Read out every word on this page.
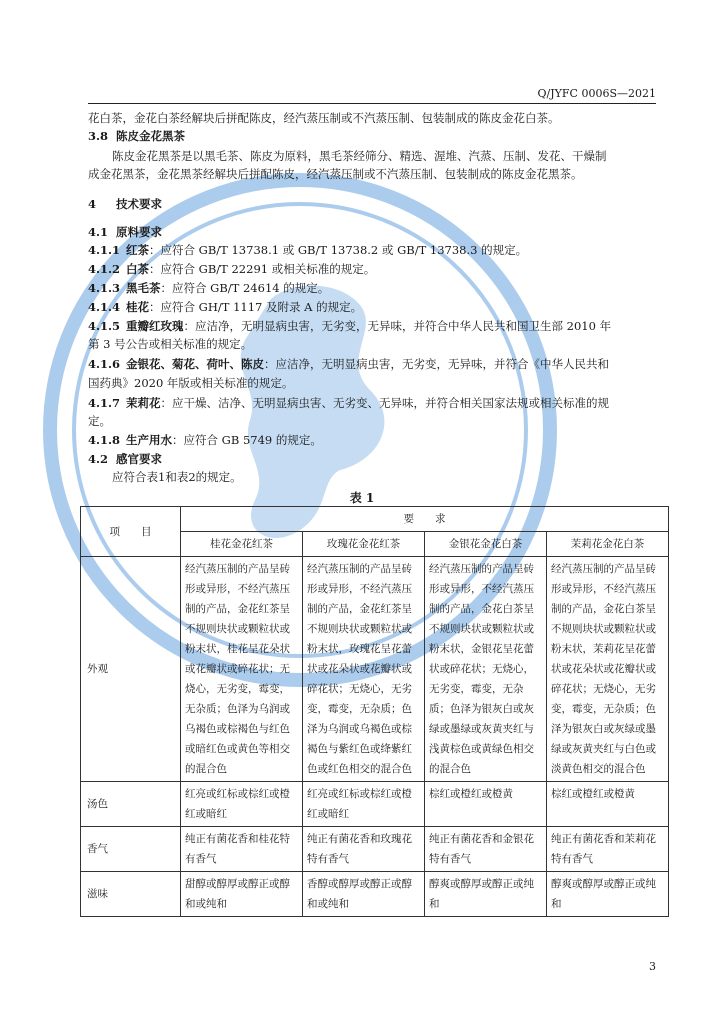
Q/JYFC 0006S—2021
花白茶，金花白茶经解块后拼配陈皮，经汽蒸压制或不汽蒸压制、包装制成的陈皮金花白茶。
3.8 陈皮金花黑茶
陈皮金花黑茶是以黑毛茶、陈皮为原料，黑毛茶经筛分、精选、渥堆、汽蒸、压制、发花、干燥制
成金花黑茶，金花黑茶经解块后拼配陈皮，经汽蒸压制或不汽蒸压制、包装制成的陈皮金花黑茶。
4 技术要求
4.1 原料要求
4.1.1 红茶：应符合 GB/T 13738.1 或 GB/T 13738.2 或 GB/T 13738.3 的规定。
4.1.2 白茶：应符合 GB/T 22291 或相关标准的规定。
4.1.3 黑毛茶：应符合 GB/T 24614 的规定。
4.1.4 桂花：应符合 GH/T 1117 及附录 A 的规定。
4.1.5 重瓣红玫瑰：应洁净，无明显病虫害，无劣变，无异味，并符合中华人民共和国卫生部 2010 年
第 3 号公告或相关标准的规定。
4.1.6 金银花、菊花、荷叶、陈皮：应洁净，无明显病虫害，无劣变，无异味，并符合《中华人民共和
国药典》2020 年版或相关标准的规定。
4.1.7 茉莉花：应干燥、洁净、无明显病虫害、无劣变、无异味，并符合相关国家法规或相关标准的规
定。
4.1.8 生产用水：应符合 GB 5749 的规定。
4.2 感官要求
应符合表1和表2的规定。
表 1
项　　目	要　　求			
	桂花金花红茶	玫瑰花金花红茶	金银花金花白茶	茉莉花金花白茶
外观	经汽蒸压制的产品呈砖形或异形，不经汽蒸压制的产品，金花红茶呈不规则块状或颗粒状或粉末状，桂花呈花朵状或花瓣状或碎花状；无烧心，无劣变，霉变，无杂质；色泽为乌润或乌褐色或棕褐色与红色或暗红色或黄色等相交的混合色	经汽蒸压制的产品呈砖形或异形，不经汽蒸压制的产品，金花红茶呈不规则块状或颗粒状或粉末状，玫瑰花呈花蕾状或花朵状或花瓣状或碎花状；无烧心，无劣变，霉变，无杂质；色泽为乌润或乌褐色或棕褐色与紫红色或绛紫红色或红色相交的混合色	经汽蒸压制的产品呈砖形或异形，不经汽蒸压制的产品，金花白茶呈不规则块状或颗粒状或粉末状，金银花呈花蕾状或碎花状；无烧心，无劣变，霉变，无杂质；色泽为银灰白或灰绿或墨绿或灰黄夹红与浅黄棕色或黄绿色相交的混合色	经汽蒸压制的产品呈砖形或异形，不经汽蒸压制的产品，金花白茶呈不规则块状或颗粒状或粉末状，茉莉花呈花蕾状或花朵状或花瓣状或碎花状；无烧心，无劣变，霉变，无杂质；色泽为银灰白或灰绿或墨绿或灰黄夹红与白色或淡黄色相交的混合色
汤色	红亮或红标或棕红或橙红或暗红	红亮或红标或棕红或橙红或暗红	棕红或橙红或橙黄	棕红或橙红或橙黄
香气	纯正有菌花香和桂花特有香气	纯正有菌花香和玫瑰花特有香气	纯正有菌花香和金银花特有香气	纯正有菌花香和茉莉花特有香气
滋味	甜醇或醇厚或醇正或醇和或纯和	香醇或醇厚或醇正或醇和或纯和	醇爽或醇厚或醇正或纯和	醇爽或醇厚或醇正或纯和
3
